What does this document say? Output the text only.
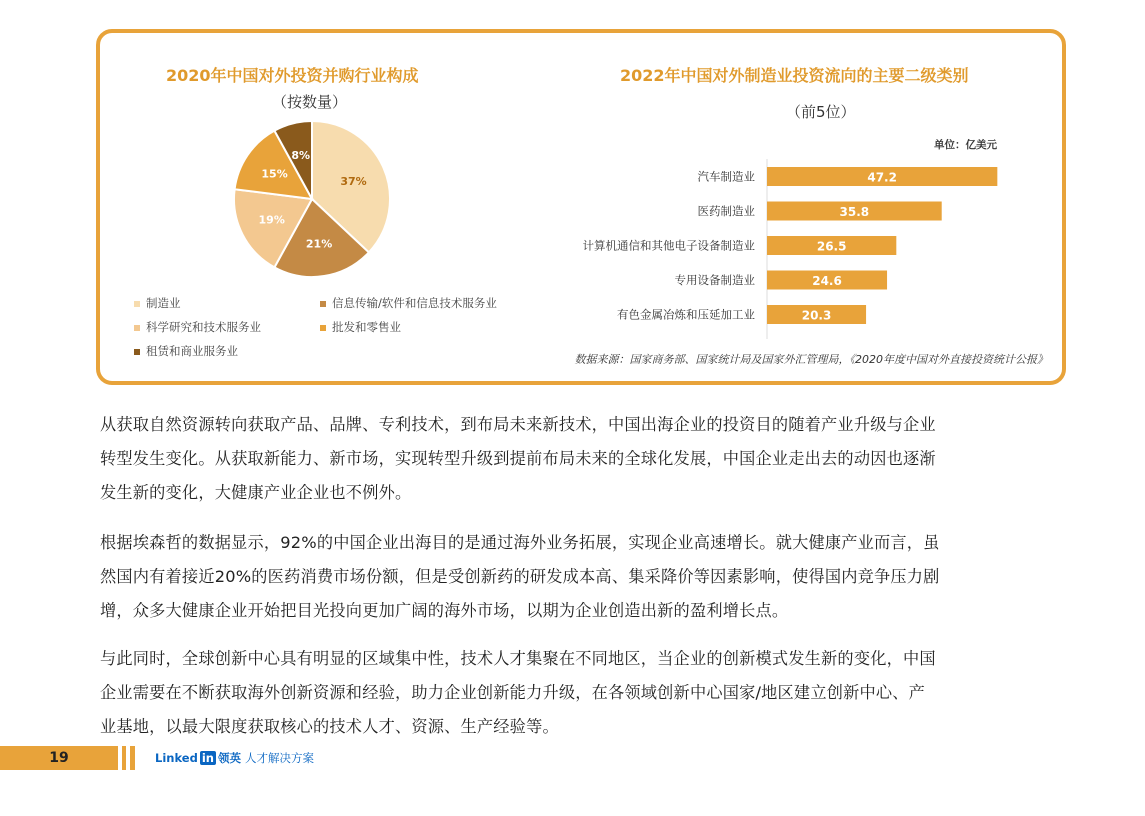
2020年中国对外投资并购行业构成
（按数量）
37%
21%
19%
15%
8%
制造业	信息传输/软件和信息技术服务业
科学研究和技术服务业	批发和零售业
租赁和商业服务业
2022年中国对外制造业投资流向的主要二级类别
（前5位）
单位：亿美元
47.2
汽车制造业
35.8
医药制造业
26.5
计算机通信和其他电子设备制造业
24.6
专用设备制造业
20.3
有色金属冶炼和压延加工业
数据来源：国家商务部、国家统计局及国家外汇管理局，《2020年度中国对外直接投资统计公报》
从获取自然资源转向获取产品、品牌、专利技术，到布局未来新技术，中国出海企业的投资目的随着产业升级与企业
转型发生变化。从获取新能力、新市场，实现转型升级到提前布局未来的全球化发展，中国企业走出去的动因也逐渐
发生新的变化，大健康产业企业也不例外。
根据埃森哲的数据显示，92%的中国企业出海目的是通过海外业务拓展，实现企业高速增长。就大健康产业而言，虽
然国内有着接近20%的医药消费市场份额，但是受创新药的研发成本高、集采降价等因素影响，使得国内竞争压力剧
增，众多大健康企业开始把目光投向更加广阔的海外市场，以期为企业创造出新的盈利增长点。
与此同时，全球创新中心具有明显的区域集中性，技术人才集聚在不同地区，当企业的创新模式发生新的变化，中国
企业需要在不断获取海外创新资源和经验，助力企业创新能力升级，在各领域创新中心国家/地区建立创新中心、产
业基地，以最大限度获取核心的技术人才、资源、生产经验等。
19	Linked in 领英 人才解决方案
